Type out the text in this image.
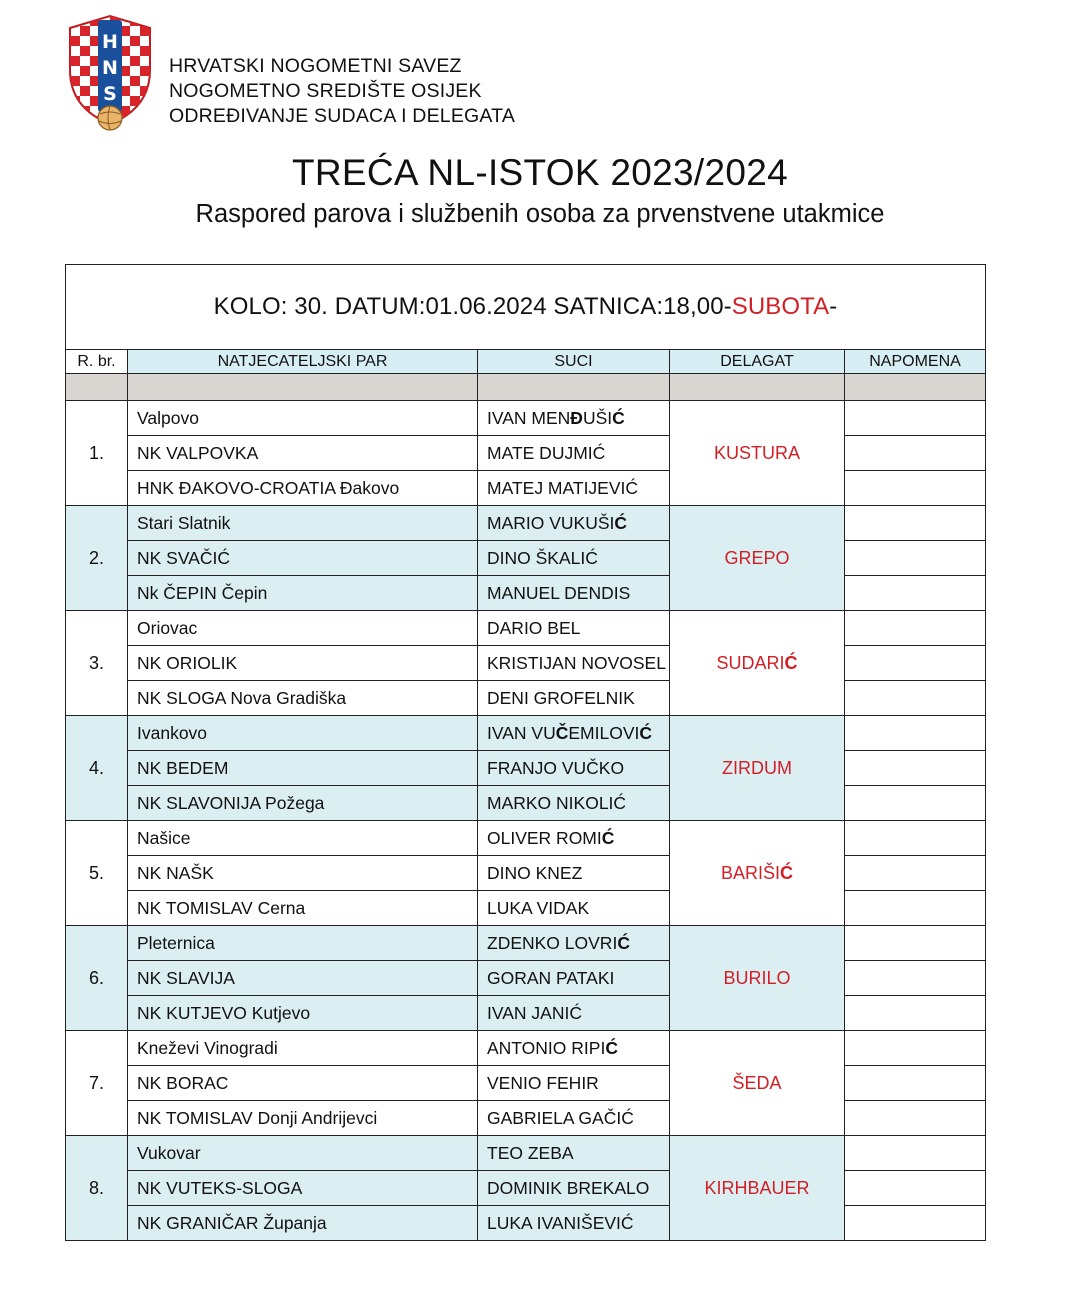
H N S
HRVATSKI NOGOMETNI SAVEZ
NOGOMETNO SREDIŠTE OSIJEK
ODREĐIVANJE SUDACA I DELEGATA
TREĆA NL-ISTOK 2023/2024
Raspored parova i službenih osoba za prvenstvene utakmice
KOLO: 30. DATUM:01.06.2024 SATNICA:18,00-SUBOTA-				
R. br.	NATJECATELJSKI PAR	SUCI	DELAGAT	NAPOMENA

1.	Valpovo	IVAN MENĐUŠIĆ	KUSTURA	
	NK VALPOVKA	MATE DUJMIĆ		
	HNK ĐAKOVO-CROATIA Đakovo	MATEJ MATIJEVIĆ		
2.	Stari Slatnik	MARIO VUKUŠIĆ	GREPO	
	NK SVAČIĆ	DINO ŠKALIĆ		
	Nk ČEPIN Čepin	MANUEL DENDIS		
3.	Oriovac	DARIO BEL	SUDARIĆ	
	NK ORIOLIK	KRISTIJAN NOVOSEL		
	NK SLOGA Nova Gradiška	DENI GROFELNIK		
4.	Ivankovo	IVAN VUČEMILOVIĆ	ZIRDUM	
	NK BEDEM	FRANJO VUČKO		
	NK SLAVONIJA Požega	MARKO NIKOLIĆ		
5.	Našice	OLIVER ROMIĆ	BARIŠIĆ	
	NK NAŠK	DINO KNEZ		
	NK TOMISLAV Cerna	LUKA VIDAK		
6.	Pleternica	ZDENKO LOVRIĆ	BURILO	
	NK SLAVIJA	GORAN PATAKI		
	NK KUTJEVO Kutjevo	IVAN JANIĆ		
7.	Kneževi Vinogradi	ANTONIO RIPIĆ	ŠEDA	
	NK BORAC	VENIO FEHIR		
	NK TOMISLAV Donji Andrijevci	GABRIELA GAČIĆ		
8.	Vukovar	TEO ZEBA	KIRHBAUER	
	NK VUTEKS-SLOGA	DOMINIK BREKALO		
	NK GRANIČAR Županja	LUKA IVANIŠEVIĆ		
